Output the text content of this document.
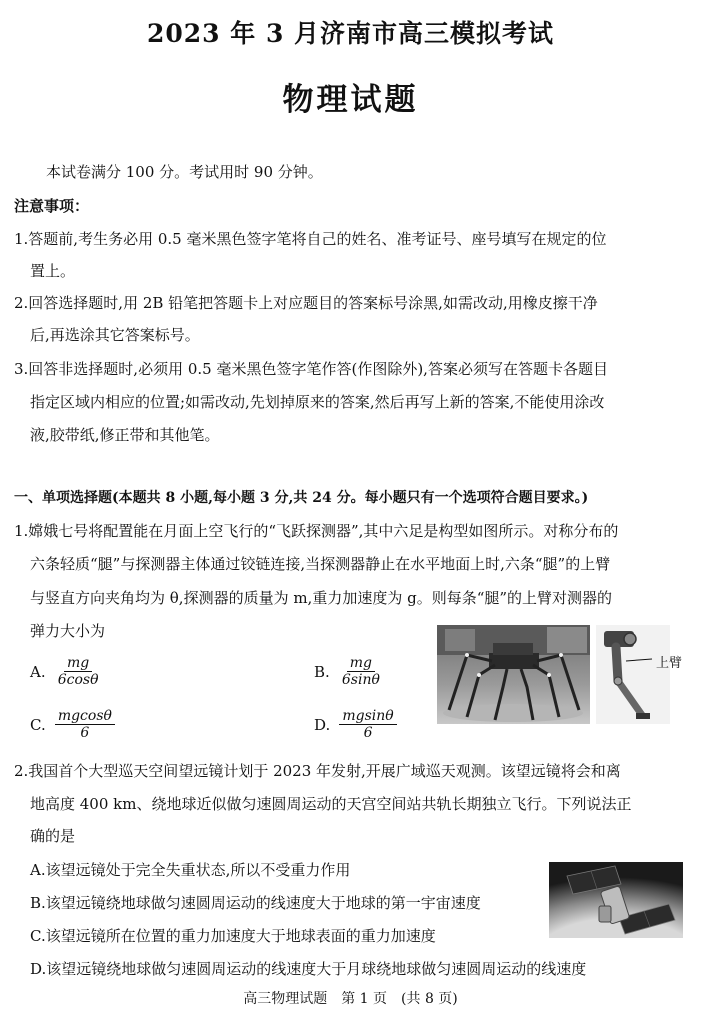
2023 年 3 月济南市高三模拟考试
物理试题
本试卷满分 100 分。考试用时 90 分钟。
注意事项：
1.答题前,考生务必用 0.5 毫米黑色签字笔将自己的姓名、准考证号、座号填写在规定的位
置上。
2.回答选择题时,用 2B 铅笔把答题卡上对应题目的答案标号涂黑,如需改动,用橡皮擦干净
后,再选涂其它答案标号。
3.回答非选择题时,必须用 0.5 毫米黑色签字笔作答(作图除外),答案必须写在答题卡各题目
指定区域内相应的位置;如需改动,先划掉原来的答案,然后再写上新的答案,不能使用涂改
液,胶带纸,修正带和其他笔。
一、单项选择题(本题共 8 小题,每小题 3 分,共 24 分。每小题只有一个选项符合题目要求。)
1.嫦娥七号将配置能在月面上空飞行的“飞跃探测器”,其中六足是构型如图所示。对称分布的
六条轻质“腿”与探测器主体通过铰链连接,当探测器静止在水平地面上时,六条“腿”的上臂
与竖直方向夹角均为 θ,探测器的质量为 m,重力加速度为 g。则每条“腿”的上臂对测器的
弹力大小为
A. $\frac{mg}{6\cos\theta}$	B. $\frac{mg}{6\sin\theta}$
C. $\frac{mgcos\theta}{6}$	D. $\frac{mgsin\theta}{6}$
上臂
2.我国首个大型巡天空间望远镜计划于 2023 年发射,开展广域巡天观测。该望远镜将会和离
地高度 400 km、绕地球近似做匀速圆周运动的天宫空间站共轨长期独立飞行。下列说法正
确的是
A.该望远镜处于完全失重状态,所以不受重力作用
B.该望远镜绕地球做匀速圆周运动的线速度大于地球的第一宇宙速度
C.该望远镜所在位置的重力加速度大于地球表面的重力加速度
D.该望远镜绕地球做匀速圆周运动的线速度大于月球绕地球做匀速圆周运动的线速度
高三物理试题　第 1 页　(共 8 页)
